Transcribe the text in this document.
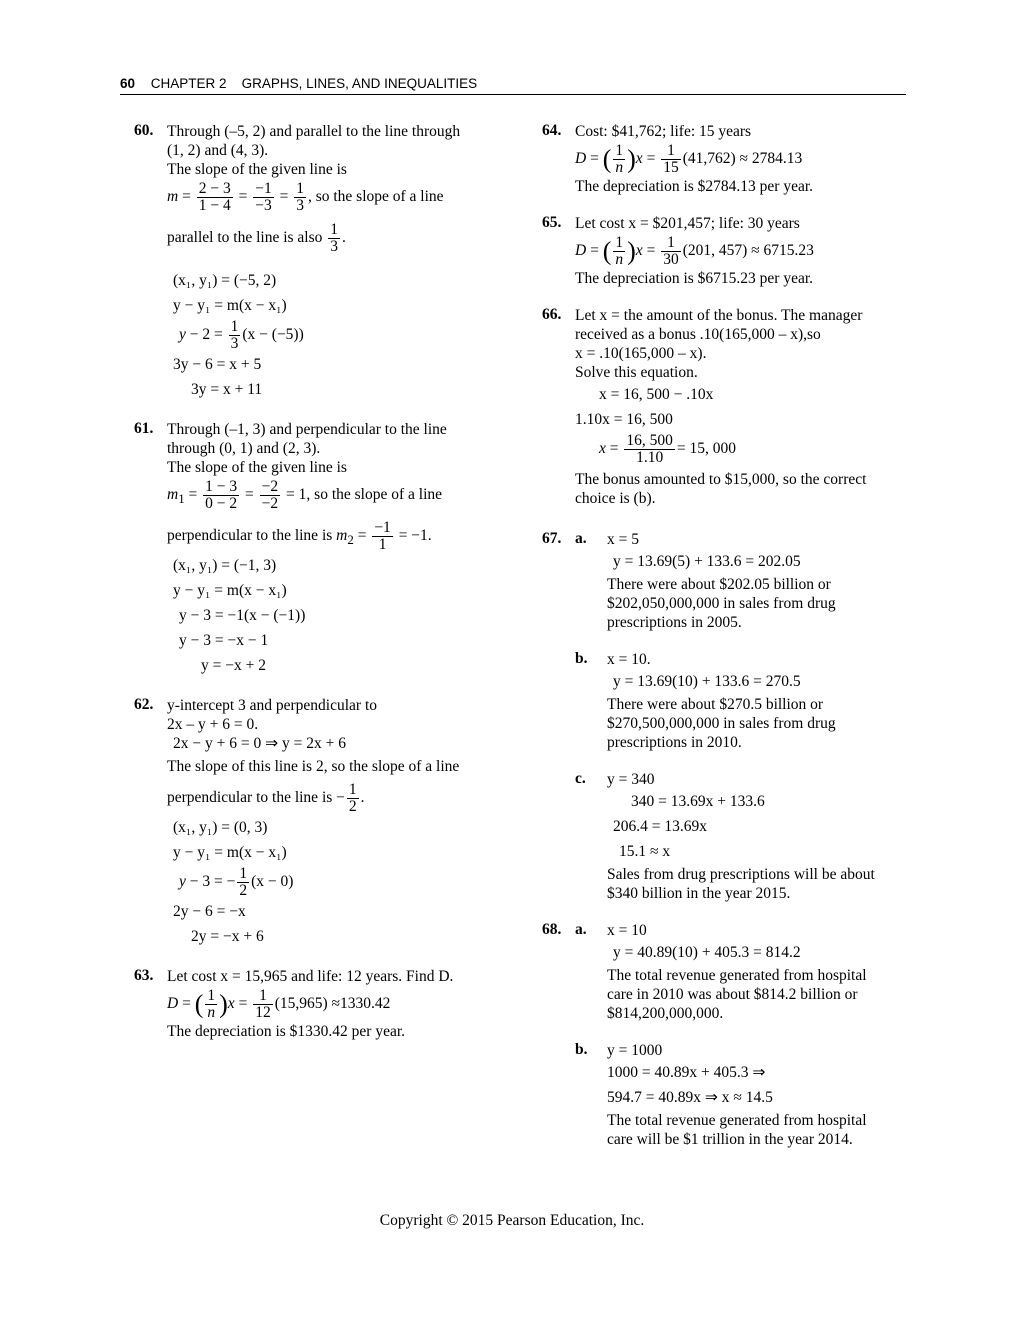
60 CHAPTER 2    GRAPHS, LINES, AND INEQUALITIES
60. Through (–5, 2) and parallel to the line through
(1, 2) and (4, 3).
The slope of the given line is
$m = \frac{2 - 3}{1 - 4} = \frac{-1}{-3} = \frac{1}{3}$ , so the slope of a line
parallel to the line is also $\frac{1}{3}$ .
(x₁, y₁) = (−5, 2)
y − y₁ = m(x − x₁)
$y - 2 = \frac{1}{3} (x - (-5))$
3y − 6 = x + 5
3y = x + 11
61. Through (–1, 3) and perpendicular to the line
through (0, 1) and (2, 3).
The slope of the given line is
$m_1 = \frac{1 - 3}{0 - 2} = \frac{-2}{-2} = 1$, so the slope of a line
perpendicular to the line is $m_2 = \frac{-1}{1} = -1$.
(x₁, y₁) = (−1, 3)
y − y₁ = m(x − x₁)
y − 3 = −1(x − (−1))
y − 3 = −x − 1
y = −x + 2
62. y-intercept 3 and perpendicular to
2x – y + 6 = 0.
2x − y + 6 = 0 ⇒ y = 2x + 6
The slope of this line is 2, so the slope of a line
perpendicular to the line is − $\frac{1}{2}$ .
(x₁, y₁) = (0, 3)
y − y₁ = m(x − x₁)
y − 3 = − $\frac{1}{2} (x - 0)$
2y − 6 = −x
2y = −x + 6
63. Let cost x = 15,965 and life: 12 years. Find D.
D = ( $\frac{1}{n} )x = \frac{1}{12} (15,965) \approx 1330.42$
The depreciation is $1330.42 per year.
64. Cost: $41,762; life: 15 years
D = ( $\frac{1}{n} )x = \frac{1}{15} (41,762) \approx 2784.13$
The depreciation is $2784.13 per year.
65. Let cost x = $201,457; life: 30 years
D = ( $\frac{1}{n} )x = \frac{1}{30} (201$, 457) ≈ 6715.23
The depreciation is $6715.23 per year.
66. Let x = the amount of the bonus. The manager
received as a bonus .10(165,000 – x),so
x = .10(165,000 – x).
Solve this equation.
x = 16, 500 − .10x
1.10x = 16, 500
$x = \frac{16, 500}{1.10} = 15$, 000
The bonus amounted to $15,000, so the correct
choice is (b).
67. a. x = 5
y = 13.69(5) + 133.6 = 202.05
There were about $202.05 billion or
$202,050,000,000 in sales from drug
prescriptions in 2005.
b. x = 10.
y = 13.69(10) + 133.6 = 270.5
There were about $270.5 billion or
$270,500,000,000 in sales from drug
prescriptions in 2010.
c. y = 340
340 = 13.69x + 133.6
206.4 = 13.69x
15.1 ≈ x
Sales from drug prescriptions will be about
$340 billion in the year 2015.
68. a. x = 10
y = 40.89(10) + 405.3 = 814.2
The total revenue generated from hospital
care in 2010 was about $814.2 billion or
$814,200,000,000.
b. y = 1000
1000 = 40.89x + 405.3 ⇒
594.7 = 40.89x ⇒ x ≈ 14.5
The total revenue generated from hospital
care will be $1 trillion in the year 2014.
Copyright © 2015 Pearson Education, Inc.
